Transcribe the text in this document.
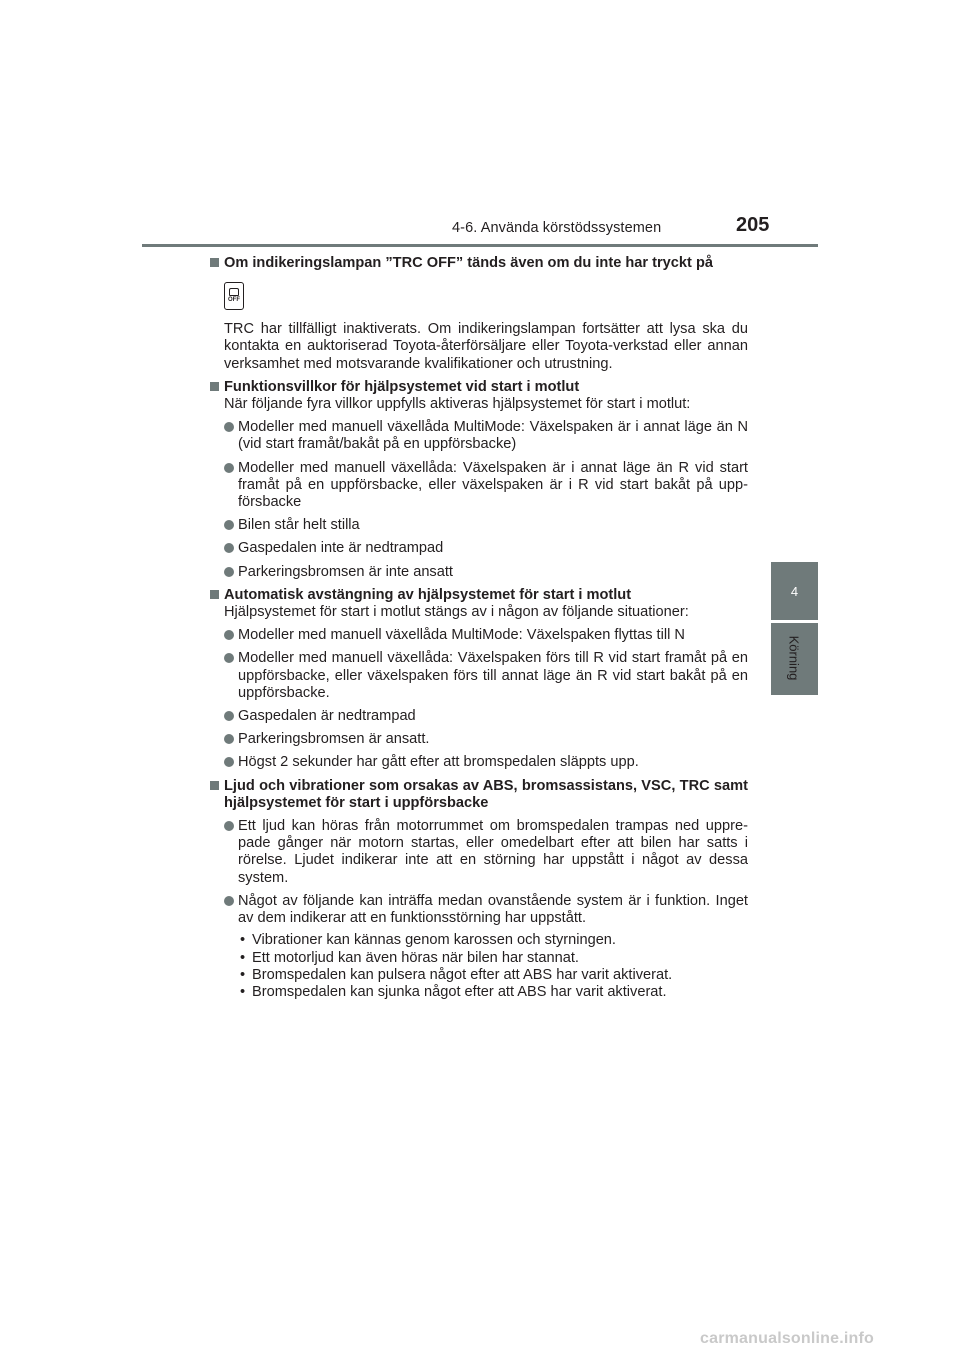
4-6. Använda körstödssystemen	205
4
Körning
Om indikeringslampan ”TRC OFF” tänds även om du inte har tryckt på
OFF
TRC har tillfälligt inaktiverats. Om indikeringslampan fortsätter att lysa ska du kontakta en auktoriserad Toyota-återförsäljare eller Toyota-verkstad eller annan verksamhet med motsvarande kvalifikationer och utrustning.
Funktionsvillkor för hjälpsystemet vid start i motlut
När följande fyra villkor uppfylls aktiveras hjälpsystemet för start i motlut:
Modeller med manuell växellåda MultiMode: Växelspaken är i annat läge än N (vid start framåt/bakåt på en uppförsbacke)
Modeller med manuell växellåda: Växelspaken är i annat läge än R vid start framåt på en uppförsbacke, eller växelspaken är i R vid start bakåt på upp-försbacke
Bilen står helt stilla
Gaspedalen inte är nedtrampad
Parkeringsbromsen är inte ansatt
Automatisk avstängning av hjälpsystemet för start i motlut
Hjälpsystemet för start i motlut stängs av i någon av följande situationer:
Modeller med manuell växellåda MultiMode: Växelspaken flyttas till N
Modeller med manuell växellåda: Växelspaken förs till R vid start framåt på en uppförsbacke, eller växelspaken förs till annat läge än R vid start bakåt på en uppförsbacke.
Gaspedalen är nedtrampad
Parkeringsbromsen är ansatt.
Högst 2 sekunder har gått efter att bromspedalen släppts upp.
Ljud och vibrationer som orsakas av ABS, bromsassistans, VSC, TRC samt hjälpsystemet för start i uppförsbacke
Ett ljud kan höras från motorrummet om bromspedalen trampas ned uppre-pade gånger när motorn startas, eller omedelbart efter att bilen har satts i rörelse. Ljudet indikerar inte att en störning har uppstått i något av dessa system.
Något av följande kan inträffa medan ovanstående system är i funktion. Inget av dem indikerar att en funktionsstörning har uppstått.
• Vibrationer kan kännas genom karossen och styrningen.
• Ett motorljud kan även höras när bilen har stannat.
• Bromspedalen kan pulsera något efter att ABS har varit aktiverat.
• Bromspedalen kan sjunka något efter att ABS har varit aktiverat.
carmanualsonline.info
